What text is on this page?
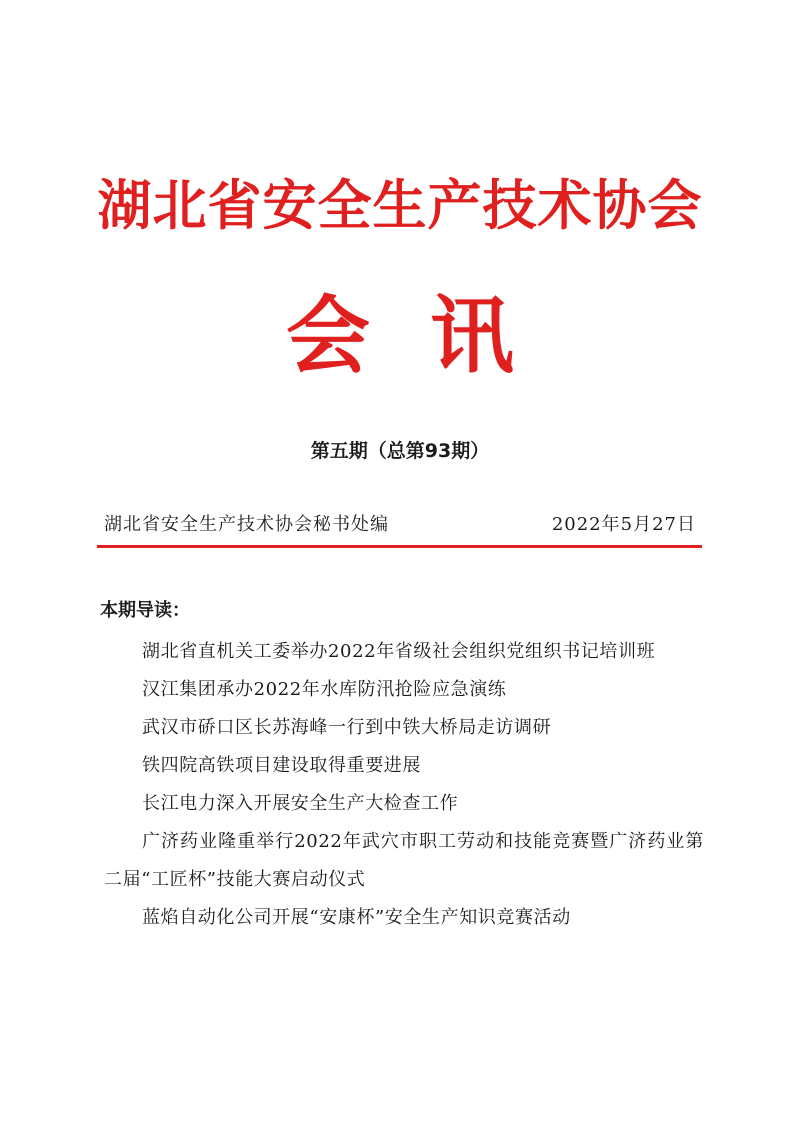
湖北省安全生产技术协会
会讯
第五期（总第93期）
湖北省安全生产技术协会秘书处编	2022年5月27日
本期导读：
湖北省直机关工委举办2022年省级社会组织党组织书记培训班
汉江集团承办2022年水库防汛抢险应急演练
武汉市硚口区长苏海峰一行到中铁大桥局走访调研
铁四院高铁项目建设取得重要进展
长江电力深入开展安全生产大检查工作
广济药业隆重举行2022年武穴市职工劳动和技能竞赛暨广济药业第二届“工匠杯”技能大赛启动仪式
蓝焰自动化公司开展“安康杯”安全生产知识竞赛活动
